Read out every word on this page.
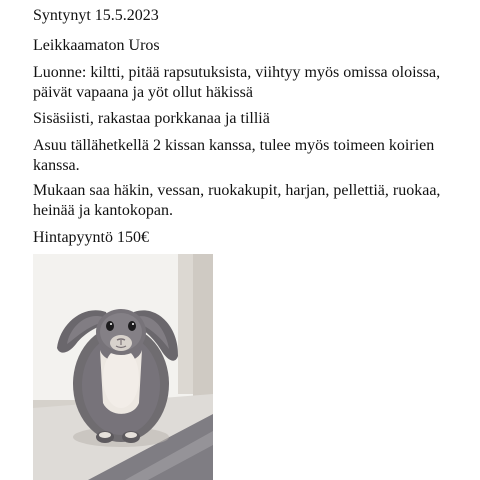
Syntynyt 15.5.2023

Leikkaamaton Uros

Luonne: kiltti, pitää rapsutuksista, viihtyy myös omissa oloissa,
päivät vapaana ja yöt ollut häkissä

Sisäsiisti, rakastaa porkkanaa ja tilliä

Asuu tällähetkellä 2 kissan kanssa, tulee myös toimeen koirien
kanssa.

Mukaan saa häkin, vessan, ruokakupit, harjan, pellettiä, ruokaa,
heinää ja kantokopan.

Hintapyyntö 150€
